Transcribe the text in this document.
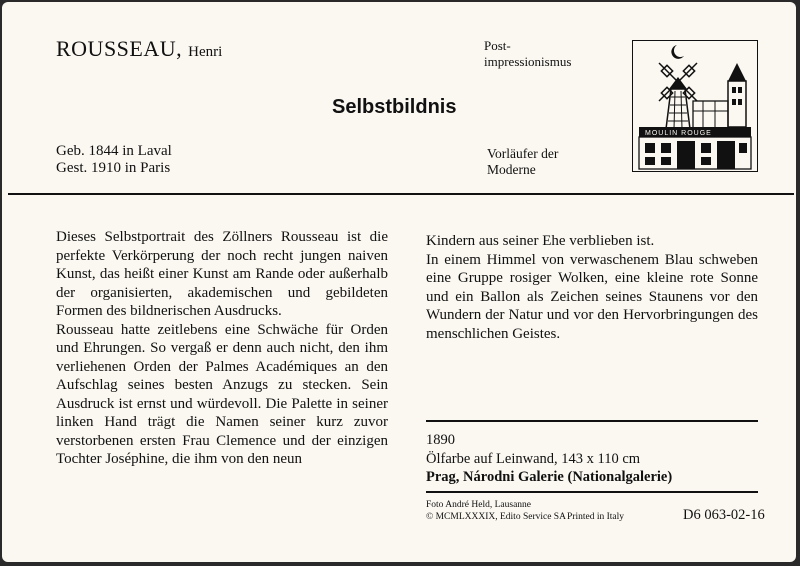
ROUSSEAU, Henri	Post-
impressionismus
Selbstbildnis
Geb. 1844 in Laval
Gest. 1910 in Paris
Vorläufer der
Moderne
MOULIN ROUGE

Dieses Selbstportrait des Zöllners Rousseau ist die perfekte Verkörperung der noch recht jungen naiven Kunst, das heißt einer Kunst am Rande oder außerhalb der organisierten, akademischen und gebildeten Formen des bildnerischen Ausdrucks.

Rousseau hatte zeitlebens eine Schwäche für Orden und Ehrungen. So vergaß er denn auch nicht, den ihm verliehenen Orden der Palmes Académiques an den Aufschlag seines besten Anzugs zu stecken. Sein Ausdruck ist ernst und würdevoll. Die Palette in seiner linken Hand trägt die Namen seiner kurz zuvor verstorbenen ersten Frau Clemence und der einzigen Tochter Joséphine, die ihm von den neun

Kindern aus seiner Ehe verblieben ist.

In einem Himmel von verwaschenem Blau schweben eine Gruppe rosiger Wolken, eine kleine rote Sonne und ein Ballon als Zeichen seines Staunens vor den Wundern der Natur und vor den Hervorbringungen des menschlichen Geistes.

1890
Ölfarbe auf Leinwand, 143 x 110 cm
Prag, Národni Galerie (Nationalgalerie)
Foto André Held, Lausanne
© MCMLXXXIX, Edito Service SA Printed in Italy	D6 063-02-16
